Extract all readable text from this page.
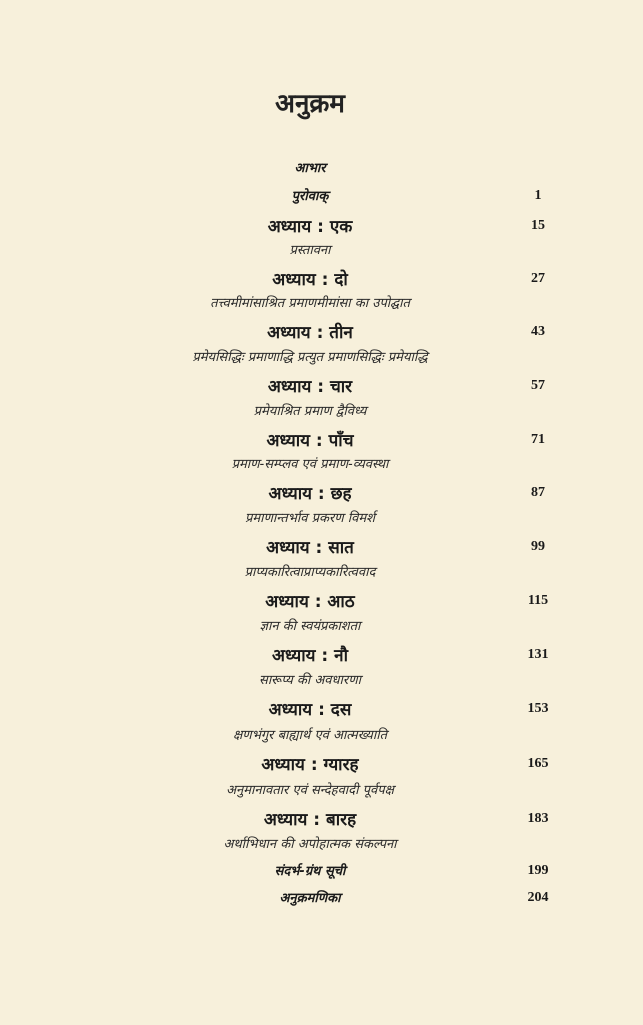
अनुक्रम
आभार
पुरोवाक्	1
अध्याय : एक	15
प्रस्तावना
अध्याय : दो	27
तत्त्वमीमांसाश्रित प्रमाणमीमांसा का उपोद्घात
अध्याय : तीन	43
प्रमेयसिद्धिः प्रमाणाद्धि प्रत्युत प्रमाणसिद्धिः प्रमेयाद्धि
अध्याय : चार	57
प्रमेयाश्रित प्रमाण द्वैविध्य
अध्याय : पाँच	71
प्रमाण-सम्प्लव एवं प्रमाण-व्यवस्था
अध्याय : छह	87
प्रमाणान्तर्भाव प्रकरण विमर्श
अध्याय : सात	99
प्राप्यकारित्वाप्राप्यकारित्ववाद
अध्याय : आठ	115
ज्ञान की स्वयंप्रकाशता
अध्याय : नौ	131
सारूप्य की अवधारणा
अध्याय : दस	153
क्षणभंगुर बाह्यार्थ एवं आत्मख्याति
अध्याय : ग्यारह	165
अनुमानावतार एवं सन्देहवादी पूर्वपक्ष
अध्याय : बारह	183
अर्थाभिधान की अपोहात्मक संकल्पना
संदर्भ-ग्रंथ सूची	199
अनुक्रमणिका	204
